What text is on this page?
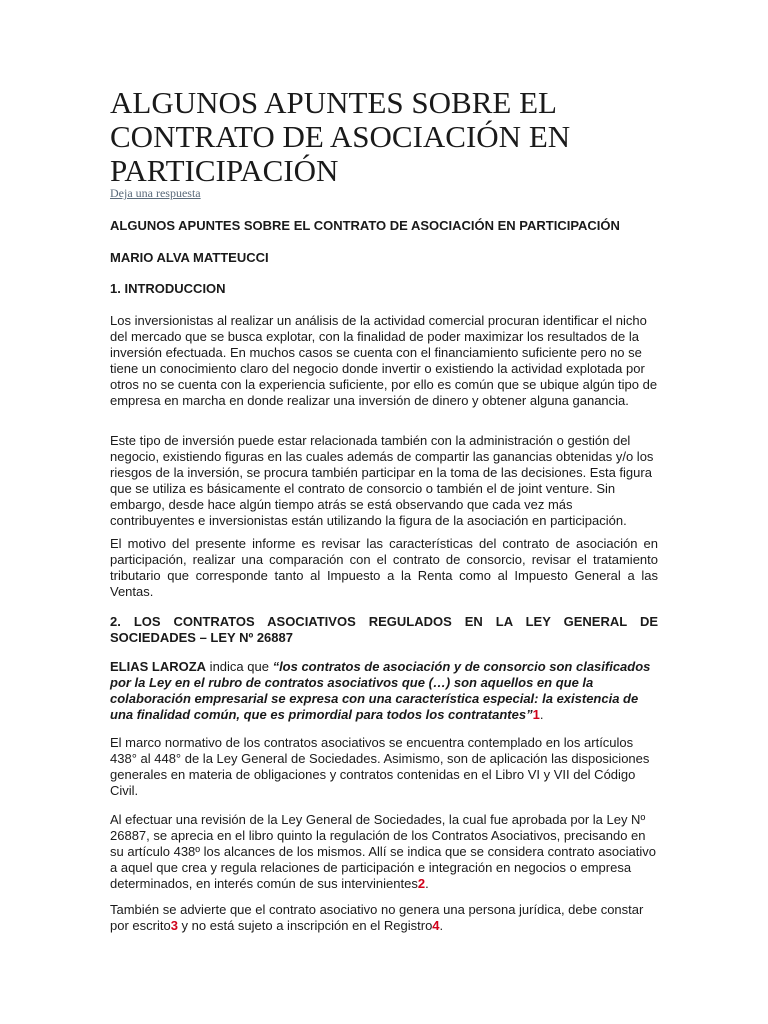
ALGUNOS APUNTES SOBRE EL CONTRATO DE ASOCIACIÓN EN PARTICIPACIÓN
Deja una respuesta

ALGUNOS APUNTES SOBRE EL CONTRATO DE ASOCIACIÓN EN PARTICIPACIÓN

MARIO ALVA MATTEUCCI

1. INTRODUCCION

Los inversionistas al realizar un análisis de la actividad comercial procuran identificar el nicho del mercado que se busca explotar, con la finalidad de poder maximizar los resultados de la inversión efectuada. En muchos casos se cuenta con el financiamiento suficiente pero no se tiene un conocimiento claro del negocio donde invertir o existiendo la actividad explotada por otros no se cuenta con la experiencia suficiente, por ello es común que se ubique algún tipo de empresa en marcha en donde realizar una inversión de dinero y obtener alguna ganancia.

Este tipo de inversión puede estar relacionada también con la administración o gestión del negocio, existiendo figuras en las cuales además de compartir las ganancias obtenidas y/o los riesgos de la inversión, se procura también participar en la toma de las decisiones. Esta figura que se utiliza es básicamente el contrato de consorcio o también el de joint venture. Sin embargo, desde hace algún tiempo atrás se está observando que cada vez más contribuyentes e inversionistas están utilizando la figura de la asociación en participación.

El motivo del presente informe es revisar las características del contrato de asociación en participación, realizar una comparación con el contrato de consorcio, revisar el tratamiento tributario que corresponde tanto al Impuesto a la Renta como al Impuesto General a las Ventas.

2. LOS CONTRATOS ASOCIATIVOS REGULADOS EN LA LEY GENERAL DE SOCIEDADES – LEY Nº 26887

ELIAS LAROZA indica que “los contratos de asociación y de consorcio son clasificados por la Ley en el rubro de contratos asociativos que (…) son aquellos en que la colaboración empresarial se expresa con una característica especial: la existencia de una finalidad común, que es primordial para todos los contratantes”1.

El marco normativo de los contratos asociativos se encuentra contemplado en los artículos 438° al 448° de la Ley General de Sociedades. Asimismo, son de aplicación las disposiciones generales en materia de obligaciones y contratos contenidas en el Libro VI y VII del Código Civil.

Al efectuar una revisión de la Ley General de Sociedades, la cual fue aprobada por la Ley Nº 26887, se aprecia en el libro quinto la regulación de los Contratos Asociativos, precisando en su artículo 438º los alcances de los mismos. Allí se indica que se considera contrato asociativo a aquel que crea y regula relaciones de participación e integración en negocios o empresa determinados, en interés común de sus intervinientes2.

También se advierte que el contrato asociativo no genera una persona jurídica, debe constar por escrito3 y no está sujeto a inscripción en el Registro4.
